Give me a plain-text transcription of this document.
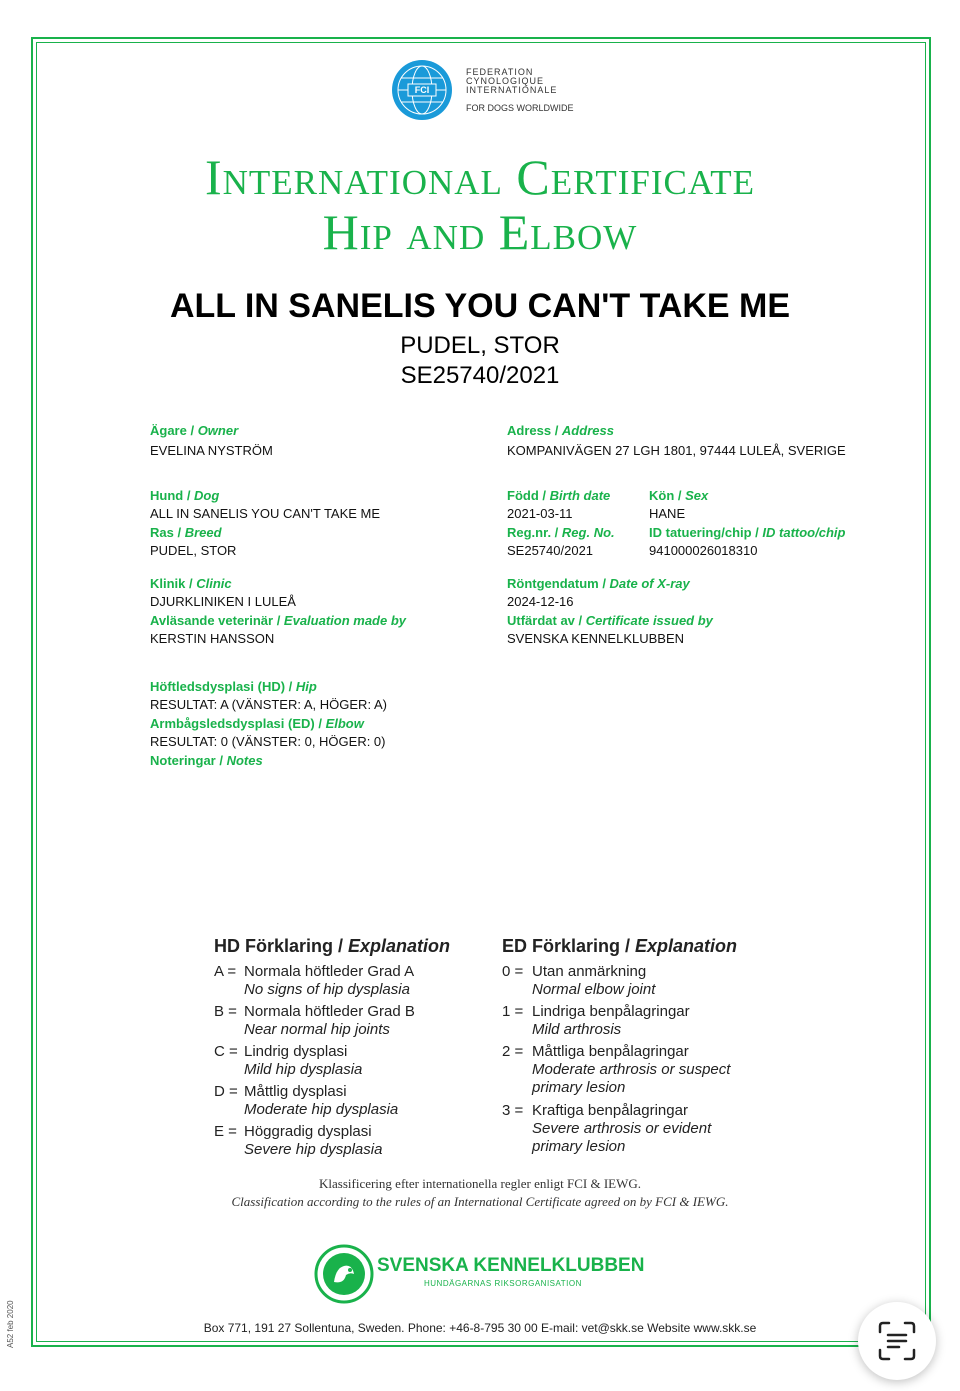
FCI
FEDERATION
CYNOLOGIQUE
INTERNATIONALE
FOR DOGS WORLDWIDE
International Certificate
Hip and Elbow
ALL IN SANELIS YOU CAN'T TAKE ME
PUDEL, STOR
SE25740/2021
Ägare / Owner
EVELINA NYSTRÖM
Adress / Address
KOMPANIVÄGEN 27 LGH 1801, 97444 LULEÅ, SVERIGE
Hund / Dog
ALL IN SANELIS YOU CAN'T TAKE ME
Född / Birth date
2021-03-11
Kön / Sex
HANE
Ras / Breed
PUDEL, STOR
Reg.nr. / Reg. No.
SE25740/2021
ID tatuering/chip / ID tattoo/chip
941000026018310
Klinik / Clinic
DJURKLINIKEN I LULEÅ
Röntgendatum / Date of X-ray
2024-12-16
Avläsande veterinär / Evaluation made by
KERSTIN HANSSON
Utfärdat av / Certificate issued by
SVENSKA KENNELKLUBBEN
Höftledsdysplasi (HD) / Hip
RESULTAT: A (VÄNSTER: A, HÖGER: A)
Armbågsledsdysplasi (ED) / Elbow
RESULTAT: 0 (VÄNSTER: 0, HÖGER: 0)
Noteringar / Notes
HD Förklaring / Explanation
A = Normala höftleder Grad A
No signs of hip dysplasia
B = Normala höftleder Grad B
Near normal hip joints
C = Lindrig dysplasi
Mild hip dysplasia
D = Måttlig dysplasi
Moderate hip dysplasia
E = Höggradig dysplasi
Severe hip dysplasia
ED Förklaring / Explanation
0 = Utan anmärkning
Normal elbow joint
1 = Lindriga benpålagringar
Mild arthrosis
2 = Måttliga benpålagringar
Moderate arthrosis or suspect
primary lesion
3 = Kraftiga benpålagringar
Severe arthrosis or evident
primary lesion
Klassificering efter internationella regler enligt FCI & IEWG.
Classification according to the rules of an International Certificate agreed on by FCI & IEWG.
SVENSKA KENNELKLUBBEN
HUNDÄGARNAS RIKSORGANISATION
Box 771, 191 27 Sollentuna, Sweden. Phone: +46-8-795 30 00 E-mail: vet@skk.se Website www.skk.se
A52 feb 2020
